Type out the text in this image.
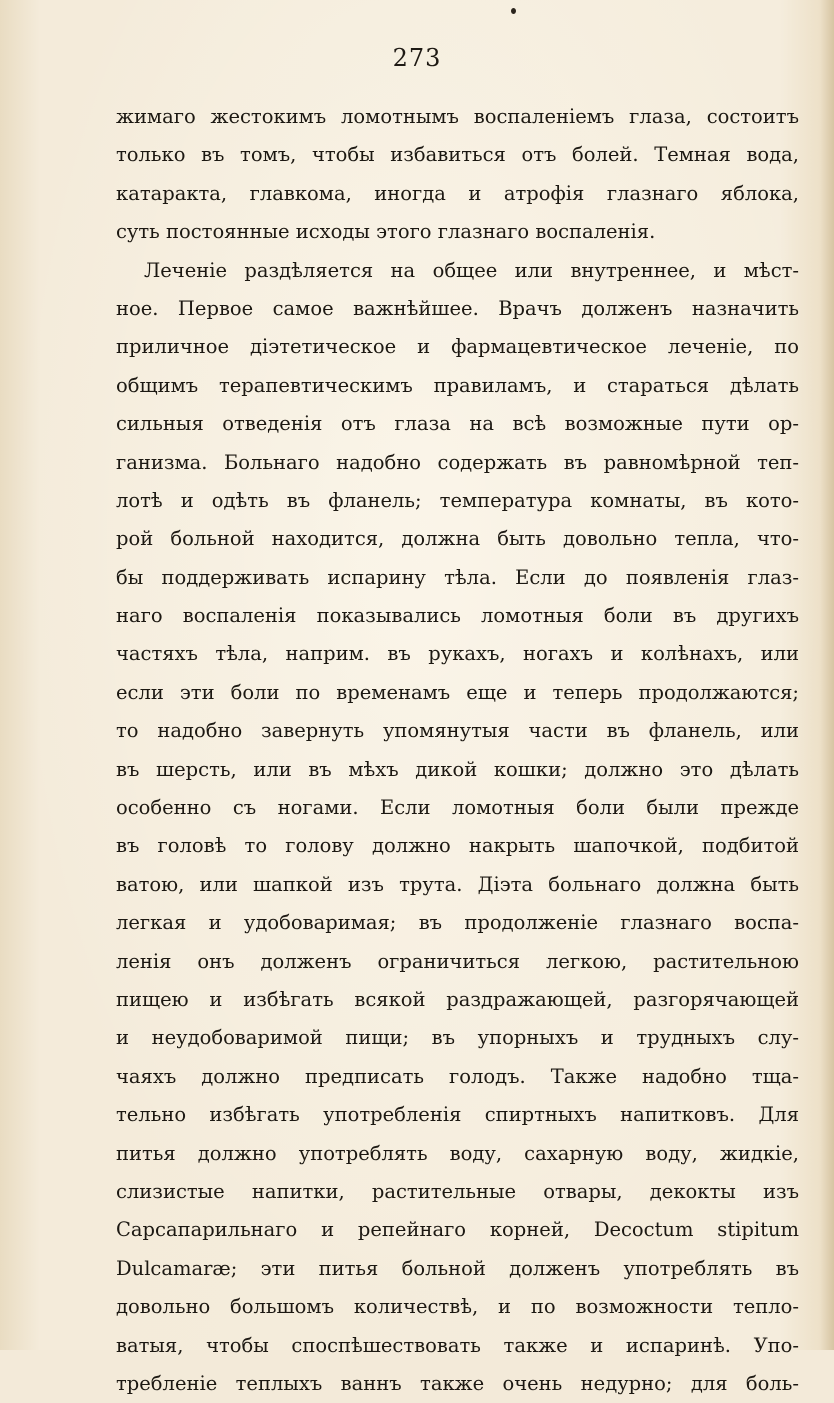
273
жимаго жестокимъ ломотнымъ воспаленіемъ глаза, состоитъ
только въ томъ, чтобы избавиться отъ болей. Темная вода,
катаракта, главкома, иногда и атрофія глазнаго яблока,
суть постоянные исходы этого глазнаго воспаленія.
Леченіе раздѣляется на общее или внутреннее, и мѣст-
ное. Первое самое важнѣйшее. Врачъ долженъ назначить
приличное діэтетическое и фармацевтическое леченіе, по
общимъ терапевтическимъ правиламъ, и стараться дѣлать
сильныя отведенія отъ глаза на всѣ возможные пути ор-
ганизма. Больнаго надобно содержать въ равномѣрной теп-
лотѣ и одѣть въ фланель; температура комнаты, въ кото-
рой больной находится, должна быть довольно тепла, что-
бы поддерживать испарину тѣла. Если до появленія глаз-
наго воспаленія показывались ломотныя боли въ другихъ
частяхъ тѣла, наприм. въ рукахъ, ногахъ и колѣнахъ, или
если эти боли по временамъ еще и теперь продолжаются;
то надобно завернуть упомянутыя части въ фланель, или
въ шерсть, или въ мѣхъ дикой кошки; должно это дѣлать
особенно съ ногами. Если ломотныя боли были прежде
въ головѣ то голову должно накрыть шапочкой, подбитой
ватою, или шапкой изъ трута. Діэта больнаго должна быть
легкая и удобоваримая; въ продолженіе глазнаго воспа-
ленія онъ долженъ ограничиться легкою, растительною
пищею и избѣгать всякой раздражающей, разгорячающей
и неудобоваримой пищи; въ упорныхъ и трудныхъ слу-
чаяхъ должно предписать голодъ. Также надобно тща-
тельно избѣгать употребленія спиртныхъ напитковъ. Для
питья должно употреблять воду, сахарную воду, жидкіе,
слизистые напитки, растительные отвары, декокты изъ
Сарсапарильнаго и репейнаго корней, Decoctum stipitum
Dulcamaræ; эти питья больной долженъ употреблять въ
довольно большомъ количествѣ, и по возможности тепло-
ватыя, чтобы споспѣшествовать также и испаринѣ. Упо-
требленіе теплыхъ ваннъ также очень недурно; для боль-
